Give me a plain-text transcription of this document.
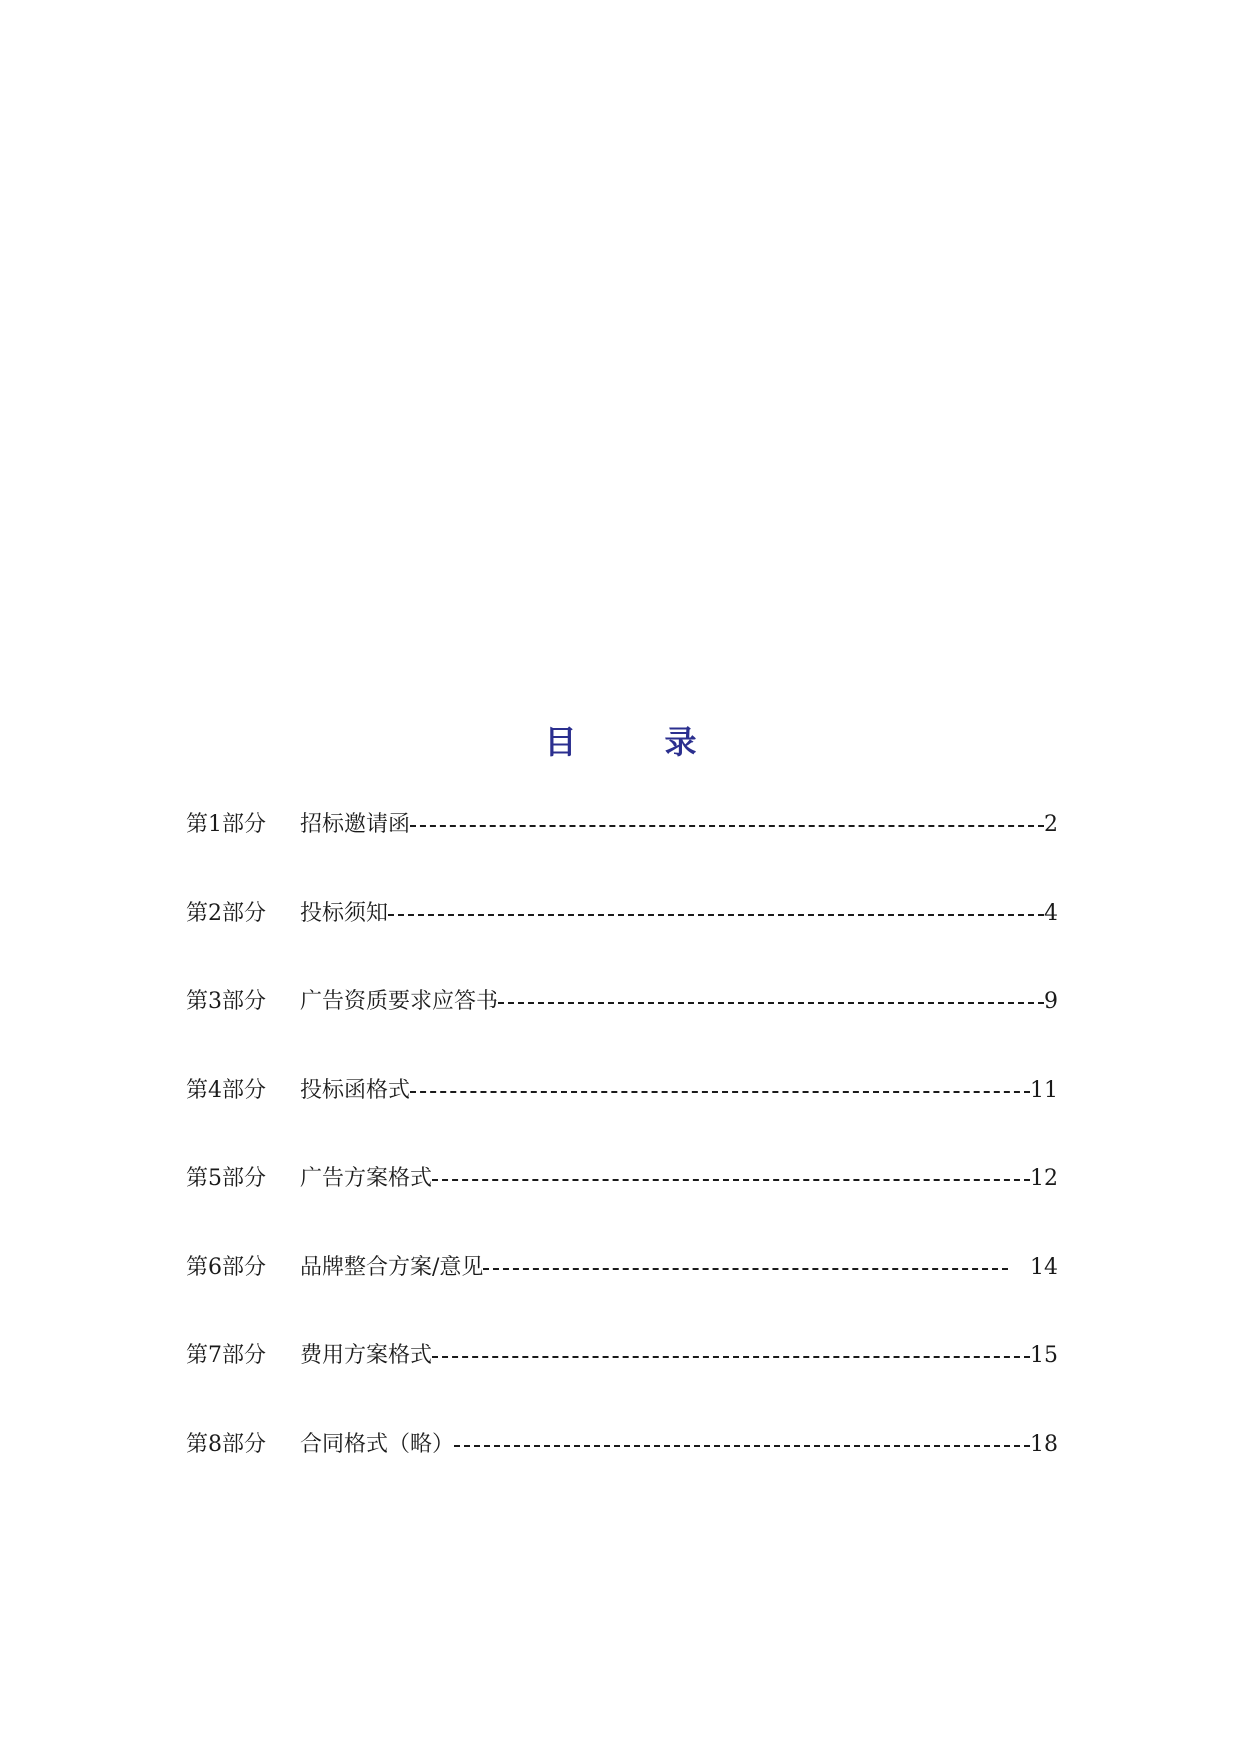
目　录
第1部分	招标邀请函	2
第2部分	投标须知	4
第3部分	广告资质要求应答书	9
第4部分	投标函格式	11
第5部分	广告方案格式	12
第6部分	品牌整合方案/意见	14
第7部分	费用方案格式	15
第8部分	合同格式（略）	18
